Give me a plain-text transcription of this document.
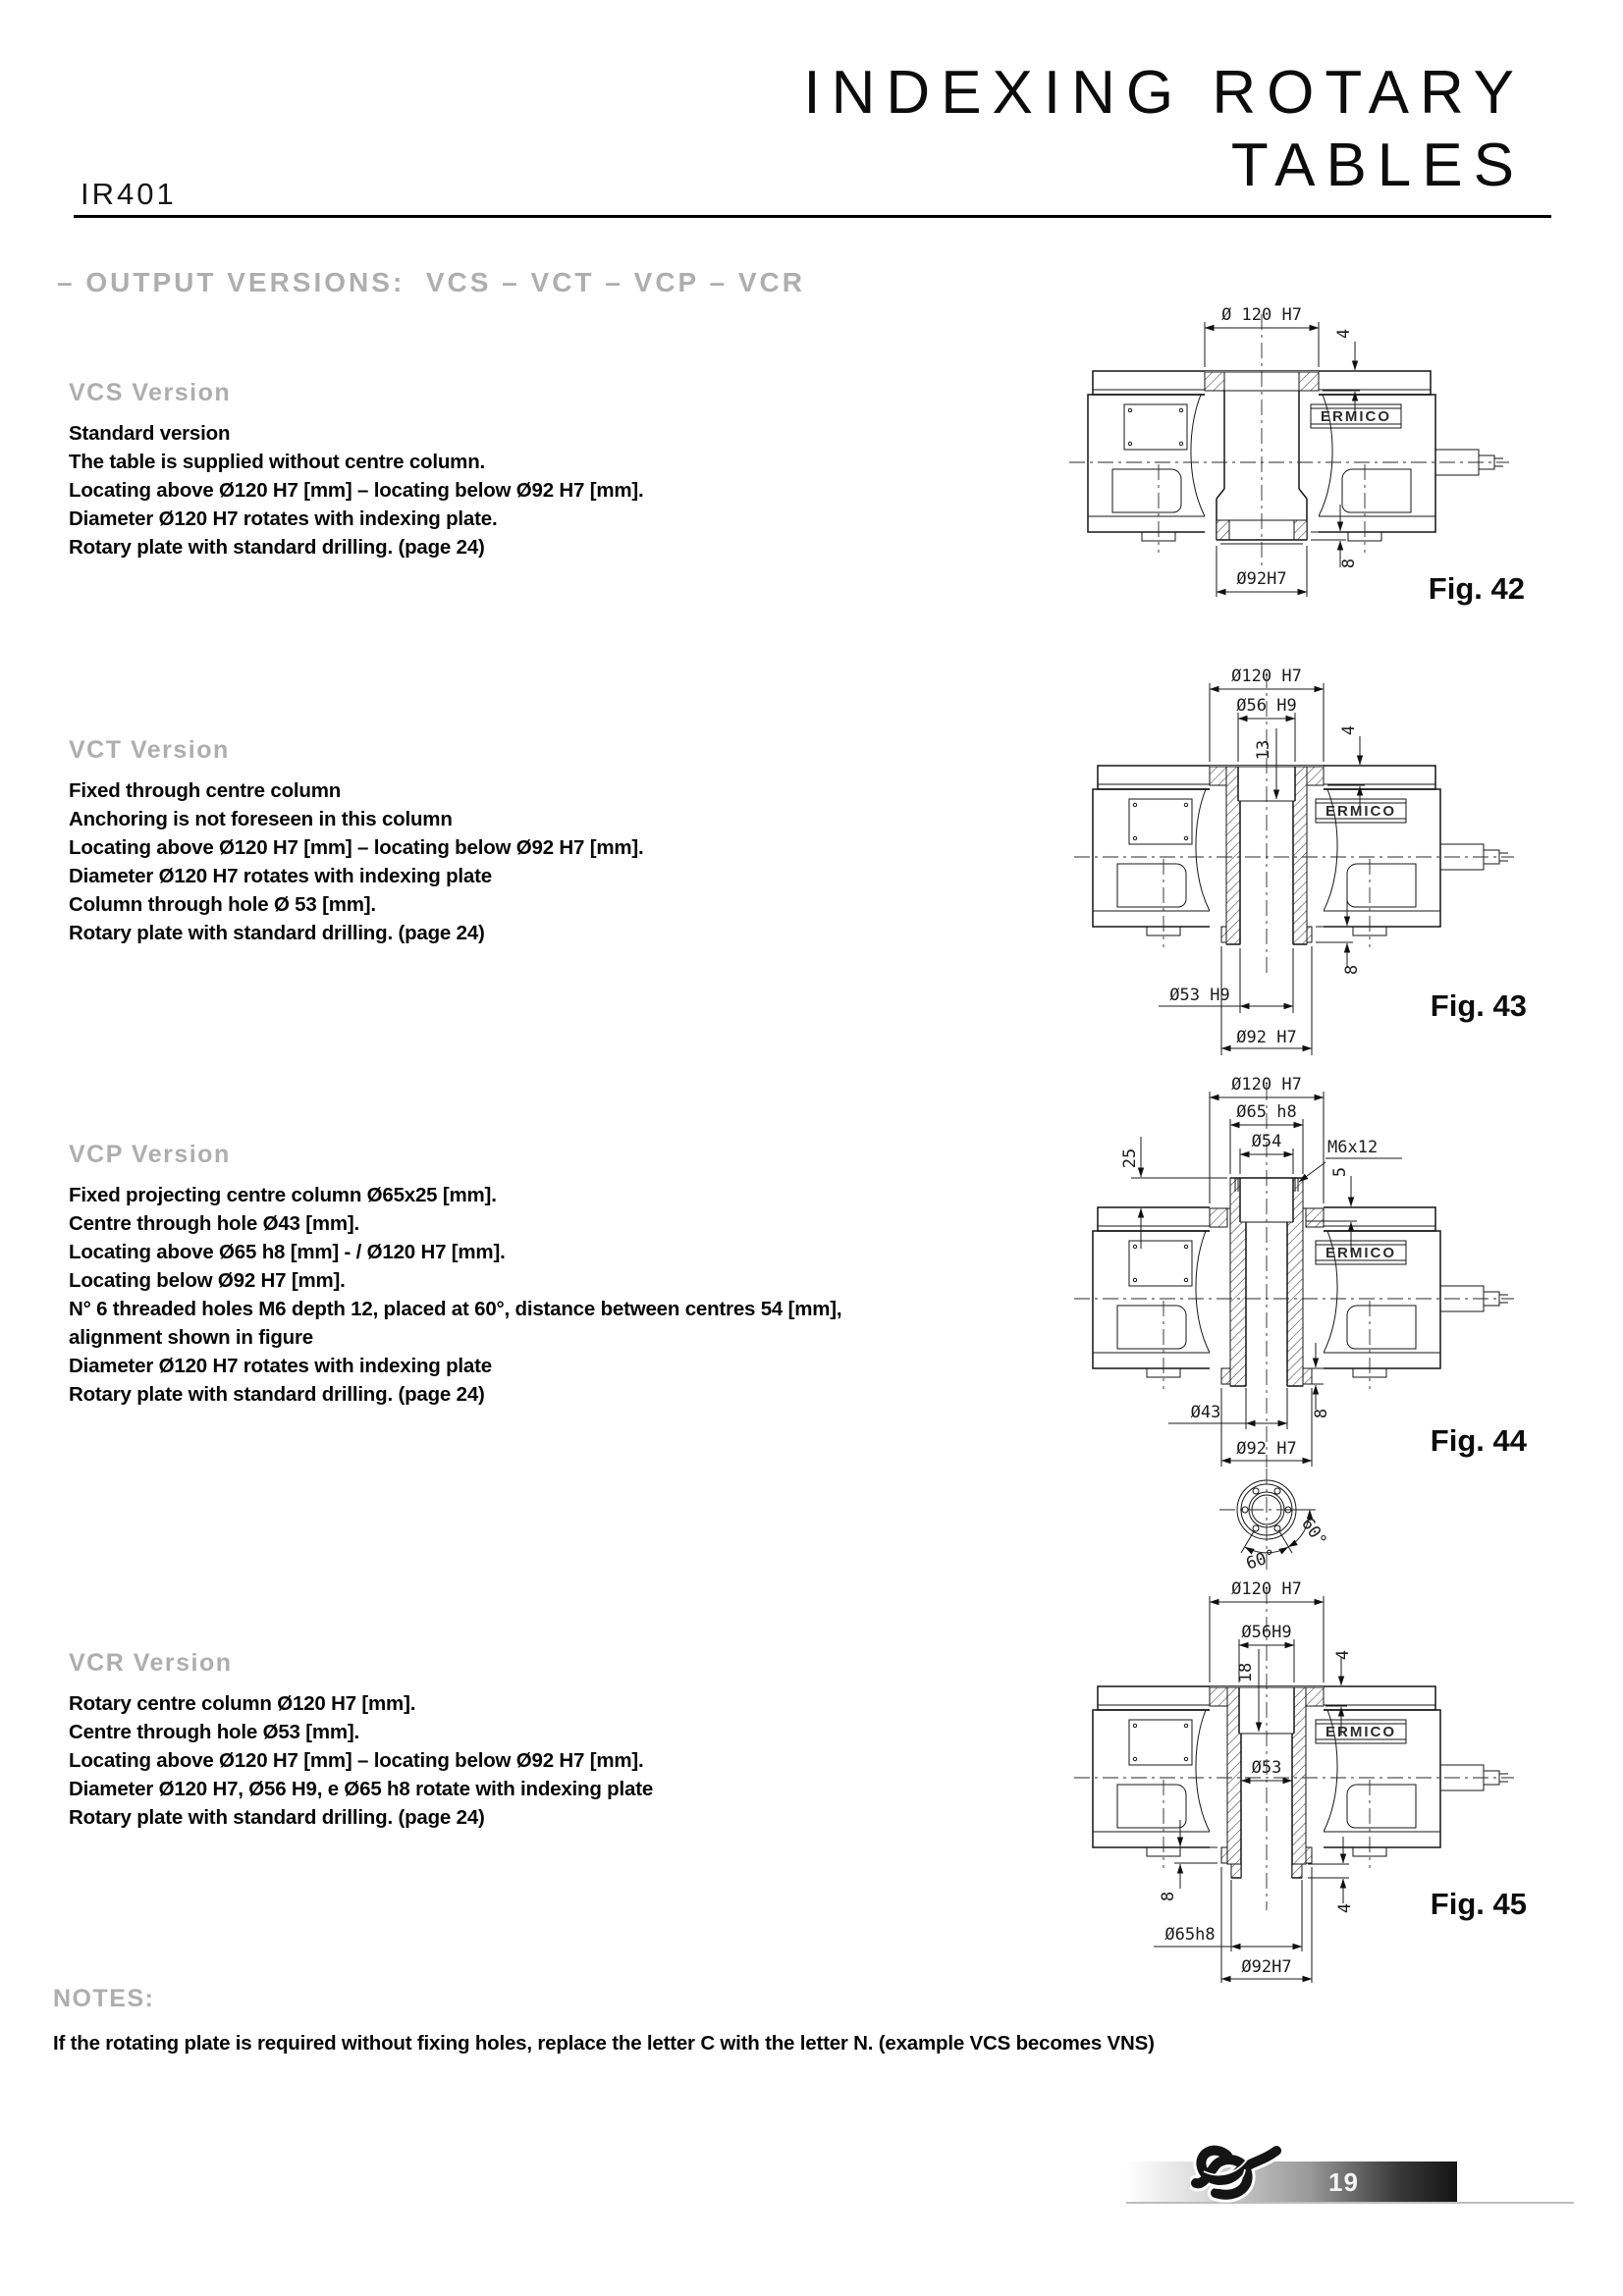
IR401
INDEXING ROTARY
TABLES
– OUTPUT VERSIONS:  VCS – VCT – VCP – VCR
VCS Version
Standard version
The table is supplied without centre column.
Locating above Ø120 H7 [mm] – locating below Ø92 H7 [mm].
Diameter Ø120 H7 rotates with indexing plate.
Rotary plate with standard drilling. (page 24)
VCT Version
Fixed through centre column
Anchoring is not foreseen in this column
Locating above Ø120 H7 [mm] – locating below Ø92 H7 [mm].
Diameter Ø120 H7 rotates with indexing plate
Column through hole Ø 53 [mm].
Rotary plate with standard drilling. (page 24)
VCP Version
Fixed projecting centre column Ø65x25 [mm].
Centre through hole Ø43 [mm].
Locating above Ø65 h8 [mm] - / Ø120 H7 [mm].
Locating below Ø92 H7 [mm].
N° 6 threaded holes M6 depth 12, placed at 60°, distance between centres 54 [mm],
alignment shown in figure
Diameter Ø120 H7 rotates with indexing plate
Rotary plate with standard drilling. (page 24)
VCR Version
Rotary centre column Ø120 H7 [mm].
Centre through hole Ø53 [mm].
Locating above Ø120 H7 [mm] – locating below Ø92 H7 [mm].
Diameter Ø120 H7, Ø56 H9, e Ø65 h8 rotate with indexing plate
Rotary plate with standard drilling. (page 24)
ERMICO
Ø 120 H7
4
Ø92H7
8
Fig. 42
ERMICO
Ø120 H7
Ø56 H9
13
4
8
Ø53 H9
Ø92 H7
Fig. 43
ERMICO
60°
60°
Ø120 H7
Ø65 h8
Ø54	M6x12
25
5
Ø43	8
Ø92 H7	Fig. 44
ERMICO
Ø120 H7
Ø56H9
18
4
Ø53
8
4
Ø65h8
Ø92H7
Fig. 45
NOTES:
If the rotating plate is required without fixing holes, replace the letter C with the letter N. (example VCS becomes VNS)
19
